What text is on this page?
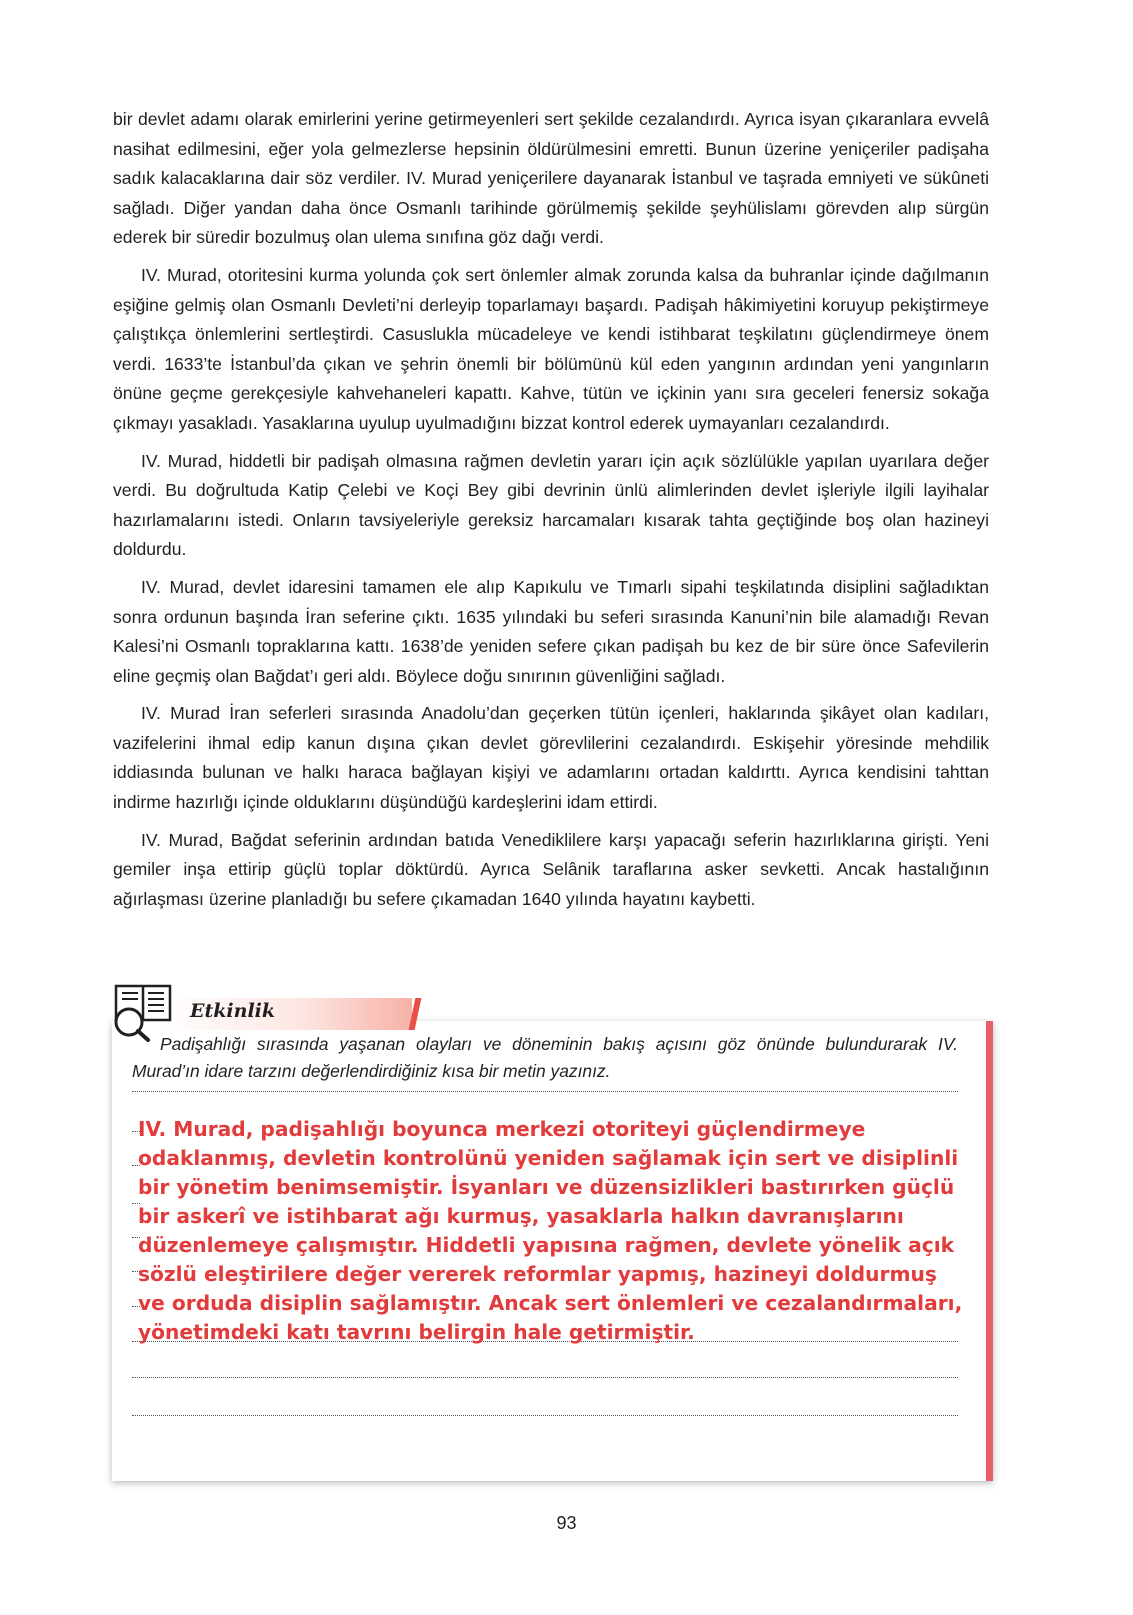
bir devlet adamı olarak emirlerini yerine getirmeyenleri sert şekilde cezalandırdı. Ayrıca isyan çıkaranlara evvelâ nasihat edilmesini, eğer yola gelmezlerse hepsinin öldürülmesini emretti. Bunun üzerine yeniçeriler padişaha sadık kalacaklarına dair söz verdiler. IV. Murad yeniçerilere dayanarak İstanbul ve taşrada emniyeti ve sükûneti sağladı. Diğer yandan daha önce Osmanlı tarihinde görülmemiş şekilde şeyhülislamı görevden alıp sürgün ederek bir süredir bozulmuş olan ulema sınıfına göz dağı verdi.

IV. Murad, otoritesini kurma yolunda çok sert önlemler almak zorunda kalsa da buhranlar içinde dağılmanın eşiğine gelmiş olan Osmanlı Devleti’ni derleyip toparlamayı başardı. Padişah hâkimiyetini koruyup pekiştirmeye çalıştıkça önlemlerini sertleştirdi. Casuslukla mücadeleye ve kendi istihbarat teşkilatını güçlendirmeye önem verdi. 1633’te İstanbul’da çıkan ve şehrin önemli bir bölümünü kül eden yangının ardından yeni yangınların önüne geçme gerekçesiyle kahvehaneleri kapattı. Kahve, tütün ve içkinin yanı sıra geceleri fenersiz sokağa çıkmayı yasakladı. Yasaklarına uyulup uyulmadığını bizzat kontrol ederek uymayanları cezalandırdı.

IV. Murad, hiddetli bir padişah olmasına rağmen devletin yararı için açık sözlülükle yapılan uyarılara değer verdi. Bu doğrultuda Katip Çelebi ve Koçi Bey gibi devrinin ünlü alimlerinden devlet işleriyle ilgili layihalar hazırlamalarını istedi. Onların tavsiyeleriyle gereksiz harcamaları kısarak tahta geçtiğinde boş olan hazineyi doldurdu.

IV. Murad, devlet idaresini tamamen ele alıp Kapıkulu ve Tımarlı sipahi teşkilatında disiplini sağladıktan sonra ordunun başında İran seferine çıktı. 1635 yılındaki bu seferi sırasında Kanuni’nin bile alamadığı Revan Kalesi’ni Osmanlı topraklarına kattı. 1638’de yeniden sefere çıkan padişah bu kez de bir süre önce Safevilerin eline geçmiş olan Bağdat’ı geri aldı. Böylece doğu sınırının güvenliğini sağladı.

IV. Murad İran seferleri sırasında Anadolu’dan geçerken tütün içenleri, haklarında şikâyet olan kadıları, vazifelerini ihmal edip kanun dışına çıkan devlet görevlilerini cezalandırdı. Eskişehir yöresinde mehdilik iddiasında bulunan ve halkı haraca bağlayan kişiyi ve adamlarını ortadan kaldırttı. Ayrıca kendisini tahttan indirme hazırlığı içinde olduklarını düşündüğü kardeşlerini idam ettirdi.

IV. Murad, Bağdat seferinin ardından batıda Venediklilere karşı yapacağı seferin hazırlıklarına girişti. Yeni gemiler inşa ettirip güçlü toplar döktürdü. Ayrıca Selânik taraflarına asker sevketti. Ancak hastalığının ağırlaşması üzerine planladığı bu sefere çıkamadan 1640 yılında hayatını kaybetti.

Padişahlığı sırasında yaşanan olayları ve döneminin bakış açısını göz önünde bulundurarak IV. Murad’ın idare tarzını değerlendirdiğiniz kısa bir metin yazınız.
IV. Murad, padişahlığı boyunca merkezi otoriteyi güçlendirmeye odaklanmış, devletin kontrolünü yeniden sağlamak için sert ve disiplinli bir yönetim benimsemiştir. İsyanları ve düzensizlikleri bastırırken güçlü bir askerî ve istihbarat ağı kurmuş, yasaklarla halkın davranışlarını düzenlemeye çalışmıştır. Hiddetli yapısına rağmen, devlete yönelik açık sözlü eleştirilere değer vererek reformlar yapmış, hazineyi doldurmuş ve orduda disiplin sağlamıştır. Ancak sert önlemleri ve cezalandırmaları, yönetimdeki katı tavrını belirgin hale getirmiştir.
Etkinlik
93
